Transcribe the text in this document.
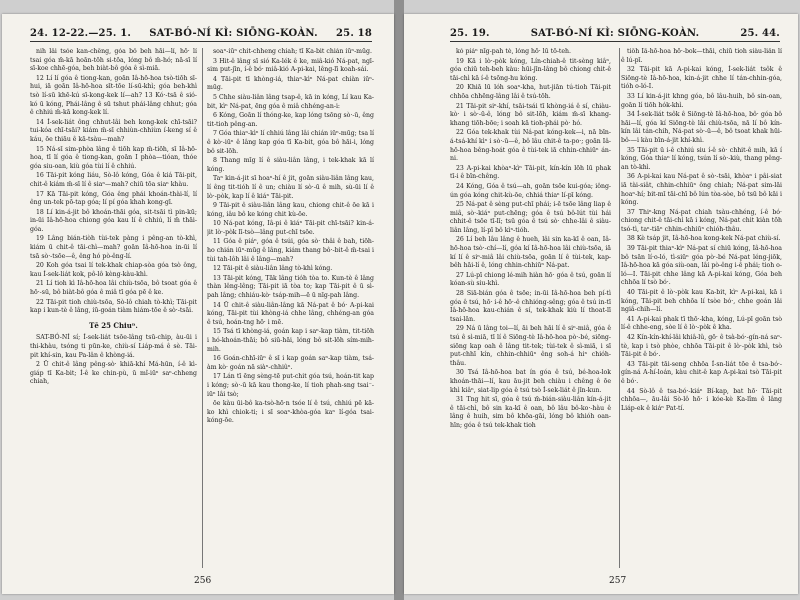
24. 12-22.—25. 1. SAT-BÓ-NÍ KÌ: SIŌNG-KOÀN. 25. 18

nih lâi tsóe kan-chêng, góa bô beh hāi—lí, hō· lí tsai góa m̄-kā hoān-tōh si-tōa, lóng bô m̄-hó; nā-sī lí sī-koe chhē-góa, beh biàt-bô góa ê sì-miā.

12 Lí lí góa ê tiong-kan, goān Iâ-hō-hoa tsò-tiōh sī-hui, iā goān Iâ-hō-hoa sīt-tōe lí-sū-khì; góa beh-khì tsò lí-sū khē-kú sī-kong-kek lí—ah? 13 Kó·-tsā ê sió-kó ū kóng, Phái-lâng ê sū tshut phái-lâng chhut; góa ê chhiú m̄-kā kong-kek lí.

14 Í-sek-liát ông chhut-lâi beh kong-kek chī-tsāi? tui-kóa chī-tsāi? kiám m̄-sī chhiùn-chhiùn í-keng sí ê káu, ōe thiāu ê kā-tsàu—mah?

15 Ná-sī sim-phòa lâng ê tiōh kap m̄-tiōh, sī Iâ-hō-hoa, tī lí góa ê tiong-kan, goān I phòa—tióan, thóe góa siu-oan, kiù góa tùi lí ê chhiú.

16 Tāi-pit kóng liáu, Sò-lô kóng, Góa ê kiá Tāi-pit, chit-ê kiám m̄-sī lí ê siaⁿ—mah? chiū tōa siaⁿ khàu.

17 Kā Tāi-pit kóng, Góa êng phái khoán-thài-lí, lí êng un-tek pō-tap góa; lí pí góa khah kong-gī.

18 Lí kin-á-jit bô khoán-thāi góa, sit-tsāi tì pin-kū; in-ūi Iâ-hō-hoa chiong góa kau lí ê chhiú, lí m̄ thāi-góa.

19 Lâng bián-tiòh tùi-tek pàng i pêng-an tò-khì, kiám ū chit-ê tāi-chì—mah? goān Iâ-hō-hoa in-ūi lí tsā sò·-tsōe—ê, êng hó pò-êng-lí.

20 Koh góa tsai lí tek-khak chiap-sòa góa tsò ông, kau Í-sek-liát kok, pô-lô kèng-kàu-khì.

21 Lí tioh kì Iâ-hō-hoa lâi chiù-tsōa, bô tsoat góa ê hō·-sū, bô biàt-bô góa ê miâ tī góa pē ê ke.

22 Tāi-pit tioh chiù-tsōa, Sò-lô chiah tò-khì; Tāi-pit kap i kun-tè ê lâng, iū-goán tiàm hiám-tōe ê sò·-tsāi.

Tē 25 Chiuⁿ.

SAT-BÓ-NÍ sí; Í-sek-liát tsōe-lâng tsū-chip, àu-ūi i thi-khàu, tsóng ti pūn-ke, chiù-sí Liáp-má ê sè. Tāi-pit khí-sin, kau Pa-lân ê khòng-iá.

2 Ū chit-ê lâng pêng-sò· khiā-khí Má-hūn, í-ê kì-giáp tī Ka-bit; Í-ê ke chin-pù, ū mî-iūⁿ saⁿ-chheng chiah,

soaⁿ-iūⁿ chit-chheng chiah; tī Ka-bit chián iūⁿ-mūg.

3 Hit-ê lâng sī sió Ka-lék ê ke, miâ-kió Ná-pat, ngī-sim put-jīn, í-ê bó· miâ-kió A-pi-kai, lêng-lī koah-sái.

4 Tāi-pit tī khòng-iá, thiaⁿ-kìⁿ Ná-pat chiàn iūⁿ-mūg.

5 Chhe siàu-liân lâng tsap-ê, kā in kóng, Lí kau Ka-bit, kìⁿ Ná-pat, ēng góa ê miâ chhéng-an-i:

6 Kóng, Goān lí thóng-ke, kap lóng tsōng sò·-ū, êng tit-tioh pêng-an.

7 Góa thiaⁿ-kìⁿ lí chhiú lâng lâi chián iūⁿ-mūg; tsa lí ê kò·-iūⁿ ê lâng kap góa tī Ka-bit, góa bô hāi-i, lóng bô sit-lōh.

8 Thang mīg lí ê siàu-liân lâng, i tek-khak kā lí kóng.

Taⁿ kin-á-jit sī hoaⁿ-hí ê jit, goān siàu-liân lâng kau, lí êng tit-tióh lí ê un; chiàu lí sò·-ū ê mih, sù-ūi lí ê lò·-pòk, kap lí ê kiáⁿ Tāi-pit.

9 Tāi-pit ê siàu-liân lâng kau, chiong chit-ê ōe kā i kóng, iâu bô ke kóng chit kù-ōe.

10 Ná-pat kóng, Iâ-pi ê kiáⁿ Tāi-pit chī-tsāi? kin-á-jit lò·-pòk lī-tsò—lâng put-chī tsōe.

11 Góa ê piáⁿ, góa ê tsúi, góa sò· thâi ê bah, tiōh-ho chián iūⁿ-mūg ê lâng, kiám thang bô·-bit-ê m̄-tsai i tùi tah-lôh lâi ê lâng—mah?

12 Tāi-pit ê siàu-liân lâng tò-khì kóng.

13 Tāi-pit kóng, Tāk lâng tióh tòa to. Kun-tè ê lâng thàn lêng-lêng; Tāi-pit iā tòa to; kap Tāi-pit ê ū sì-pah lâng; chhiáu-kò· tsáp-mih—ē ū nīg-pah lâng.

14 Ū chit-ê siàu-liân-lâng kā Ná-pat ê bó· A-pi-kai kóng, Tāi-pit tùi khòng-iá chhe lâng, chhéng-an góa ê tsú, hoán-tng hō· i mē.

15 Tsá tī khòng-iá, goán kap i saⁿ-kap tiàm, tit-tiōh i hó-khoán-thāi; bô siū-hāi, lóng bô sit-lōh sím-mih-mih.

16 Goán-chhī-iūⁿ ê sī i kap goán saⁿ-kap tiàm, tsá-àm kò· goán nā siàⁿ-chhiûⁿ.

17 Lán tī ēng sèng-tē put-chit góa tsú, hoán-tit kap i kóng; sò·-ū kā kau thong-ke, lí tioh phah-sng tsai⁻-iūⁿ lâi tsò;

ōe kàu ūi-bô ka-tsò-hō·n tsóe lí ê tsú, chhiú pē kā-ko khì chiok-ti; i sī soaⁿ-khòa-góa kaⁿ lí-góa tsai-kóng-ōe.

256
25. 19.	SAT-BÓ-NÍ KÌ: SIŌNG-KOÀN.	25. 44.

kó piáⁿ nīg-pah tè, lóng hō· lū tō-teh.

19 Kā i lò·-pòk kóng, Lín-chiah-ê tit-sèng kiâⁿ, góa chiū teh-beh kàu: hūi-jīn-lâng bô chiong chit-ê tāi-chì kā í-ê tsōng-hu kóng.

20 Khiā lū lóh soaⁿ-kha, hut-jiān tú-tioh Tāi-pit chhōa chhēng-lâng lâi ê tsú-tōh.

21 Tāi-pit siⁿ-khí, tsāi-tsái tī khòng-iá ê sí, chiàu-kò· i sò·-ū-ê, lóng bô sit-lōh, kiám m̄-sī khang-khang tiōh-bōe; i soah kā tioh-phái pò· hó.

22 Góa tek-khak tùi Ná-pat kóng-kek—i, nā bīn-á-tsá-khí kìⁿ i sò·-ū—ê, bô lâu chit-ê ta-po·; goān Iâ-hō-hoa bêng-hoát góa ê tùi-tek iā chhin-chhiūⁿ án-ni.

23 A-pi-kai khòaⁿ-kìⁿ Tāi-pit, kín-kín lōh lū phak tī-i ê bīn-chêng.

24 Kóng, Góa ê tsú—ah, goān tsōe kui-góa; iông-ún góa kóng chit-kù-ōe, chhiá thiaⁿ lí-pī kóng.

25 Ná-pat ê sèng put-chī phái; i-ē tsōe lâng liap ê miâ, sò·-kiáⁿ put-chēng; góa ê tsú bô-lút tùi hái chhit-ê tsōe tī-lī; tsū góa ê tsú sò· chhe-lâi ê siàu-liân lâng, lí-pī bô kìⁿ-tióh.

26 Lí beh lâu lâng ê hueh, lâi sin ka-kī ê oan, Iâ-hō-hoa tsò·-chí—lí, góa kí Iâ-hō-hoa lâi chiù-tsōa, iā kí lí ê siⁿ-miâ lâi chiù-tsōa, goān lí ê tùi-tek, kap-bêh hāi-lí ê, lóng chhin-chhiūⁿ Ná-pat.

27 Lú-pī chiong lé-mih hiàn hō· góa ê tsú, goān lí kóan-sù siu-khì.

28 Siā-bián góa ê tsōe; in-ūi Iâ-hō-hoa beh pí-tì góa ê tsú, hō· i-ê hō·-ê chhióng-sêng; góa ê tsú in-tī Iâ-hō-hoa kau-chián ê sí, tek-khak kiù lí thoat-lī tsai-lān.

29 Ná ū lâng toi—lí, āi beh hāi lí ê siⁿ-miâ, góa ê tsú ê sì-miā, tī lí ê Siōng-tè Iâ-hō-hoa pò·-bé, siōng-siōng kap oah ê lâng tit-tek; tùi-tek ê sì-miā, i sī put-chhī kín, chhin-chhiūⁿ êng soh-á hiⁿ chióh-thâu.

30 Tsá Iâ-hō-hoa bat ín góa ê tsú, bé-hoa-lok khoán-thāi—lí, kau āu-jit beh chiàu i chêng ê ōe khì kiâⁿ, siat-lip góa ê tsú tsò Í-sek-liát ê jīn-kun.

31 Tng hit sī, góa ê tsú m̄-bián-siàu-liân kín-á-jit ê tāi-chì, bô sin ka-kī ê oan, bô lâu bô-ko·-hàu ê lâng ê huih, sim bô khōa-gāi, lóng bô khióh oan-hīn; góa ê tsú tek-khak tioh

tiôh Iâ-hō-hoa hō·-bok—thāi, chiū tioh siàu-liân lí ê lú-pī.

32 Tāi-pit kā A-pi-kai kóng, Í-sek-liát tsôk ê Siōng-tè Iâ-hō-hoa, kin-á-jit chhe lí tán-chhin-góa, tióh o-ló-I.

33 Lí kin-á-jit khng góa, bô lâu-huih, bô sin-oan, goān lí tiōh hók-khì.

34 Í-sek-liát tsôk ê Siōng-tè Iâ-hō-hoa, bô· góa bô hāi—lí, góa kí Siōng-tè lâi chiù-tsōa, nā lí bô kín-kín lâi tán-chih, Ná-pat sò·-ū—ê, bô tsoat khak hūi-bô-—i kàu bīn-á-jit khí-khì.

35 Tāi-pit ū i-ê chhiú siu í-ê sò· chhit-ê mih, kā í kóng, Góa thiaⁿ lí kóng, tsún lí sò·-kiù, thang pêng-an tò-khì.

36 A-pi-kai kau Ná-pat ê sò·-tsāi, khòaⁿ i pâi-siat iā tài-siât, chhin-chhiūⁿ ông chiah; Ná-pat sim-lāi hoaⁿ-hí; bit-mī tāi-chī bô lún tòa-sòe, bô tsū bô kāi i kóng.

37 Thiⁿ-kng Ná-pat chiah tsàu-chhéng, í-ê bó· chiong chit-ê tāi-chì kā i kóng, Ná-pat chit kiàn tōh tsó-tì, taⁿ-tiāⁿ chhin-chhiūⁿ chióh-thâu.

38 Kè tsáp jit, Iâ-hō-hoa kong-kek Ná-pat chiù-sí.

39 Tāi-pit thiaⁿ-kìⁿ Ná-pat sí chiū kóng, Iâ-hō-hoa bô tsān lí·o-ló, tì-siūⁿ góa pò·-bé Ná-pat léng-jiōk, Iâ-hō-hoa kā góa siù-oan, lâi pò-êng i-ê phái; tioh o-ló—I. Tāi-pit chhe lâng kā A-pi-kai kóng, Góa beh chhōa lí tsò bó·.

40 Tāi-pit ê lò·-pòk kau Ka-bit, kìⁿ A-pi-kai, kā i kóng, Tāi-pit beh chhōa lí tsòe bó·, chhe goán lâi ngiâ-chih—lí.

41 A-pi-kai phak tī thō·-kha, kóng, Lú-pī goān tsò lí-ê chhe-eng, sòe lí ê lò·-pòk ê kha.

42 Kín-kín-khí-lâi khiâ-lû, gō· ê tsà-bó·-gín-ná saⁿ-tè, kap i tsò phòe, chhōa Tāi-pit ê lò·-pòk khì, tsò Tāi-pit ê bó·.

43 Tāi-pit tāi-seng chhōa Í-sn-liát tōe ê tsa-bó·-gín-ná A-hí-loán, kàu chit-ê kap A-pi-kai tsò Tāi-pit ê bó·.

44 Sò-lô ê tsa-bó·-kiáⁿ Bí-kap, bat hō· Tāi-pit chhōa—, āu-lâi Sò-lô hō· i kóe-kè Ka-lîm ê lâng Liáp-ek ê kiáⁿ Pat-tí.

257
